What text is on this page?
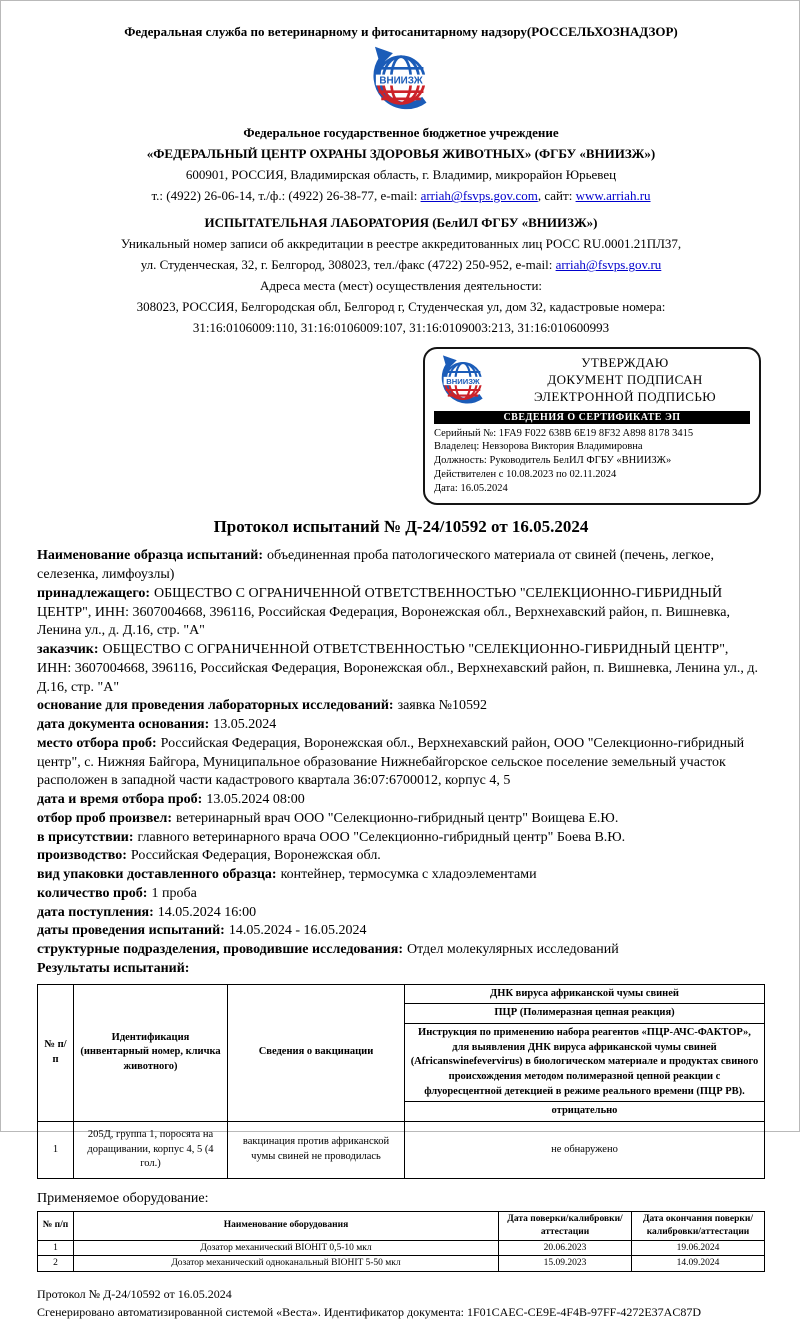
Федеральная служба по ветеринарному и фитосанитарному надзору(РОССЕЛЬХОЗНАДЗОР)
Федеральное государственное бюджетное учреждение
«ФЕДЕРАЛЬНЫЙ ЦЕНТР ОХРАНЫ ЗДОРОВЬЯ ЖИВОТНЫХ» (ФГБУ «ВНИИЗЖ»)
600901, РОССИЯ, Владимирская область, г. Владимир, микрорайон Юрьевец
т.: (4922) 26-06-14, т./ф.: (4922) 26-38-77, e-mail: arriah@fsvps.gov.com, сайт: www.arriah.ru
ИСПЫТАТЕЛЬНАЯ ЛАБОРАТОРИЯ (БелИЛ ФГБУ «ВНИИЗЖ»)
Уникальный номер записи об аккредитации в реестре аккредитованных лиц РОСС RU.0001.21ПЛ37,
ул. Студенческая, 32, г. Белгород, 308023, тел./факс (4722) 250-952, e-mail: arriah@fsvps.gov.ru
Адреса места (мест) осуществления деятельности:
308023, РОССИЯ, Белгородская обл, Белгород г, Студенческая ул, дом 32, кадастровые номера:
31:16:0106009:110, 31:16:0106009:107, 31:16:0109003:213, 31:16:010600993
УТВЕРЖДАЮ
ДОКУМЕНТ ПОДПИСАН
ЭЛЕКТРОННОЙ ПОДПИСЬЮ
СВЕДЕНИЯ О СЕРТИФИКАТЕ ЭП
Серийный №: 1FA9 F022 638B 6E19 8F32 A898 8178 3415
Владелец: Невзорова Виктория Владимировна
Должность: Руководитель БелИЛ ФГБУ «ВНИИЗЖ»
Действителен с 10.08.2023 по 02.11.2024
Дата: 16.05.2024
Протокол испытаний № Д-24/10592 от 16.05.2024

Наименование образца испытаний: объединенная проба патологического материала от свиней (печень, легкое, селезенка, лимфоузлы)

принадлежащего: ОБЩЕСТВО С ОГРАНИЧЕННОЙ ОТВЕТСТВЕННОСТЬЮ "СЕЛЕКЦИОННО-ГИБРИДНЫЙ ЦЕНТР", ИНН: 3607004668, 396116, Российская Федерация, Воронежская обл., Верхнехавский район, п. Вишневка, Ленина ул., д. Д.16, стр. "А"

заказчик: ОБЩЕСТВО С ОГРАНИЧЕННОЙ ОТВЕТСТВЕННОСТЬЮ "СЕЛЕКЦИОННО-ГИБРИДНЫЙ ЦЕНТР", ИНН: 3607004668, 396116, Российская Федерация, Воронежская обл., Верхнехавский район, п. Вишневка, Ленина ул., д. Д.16, стр. "А"

основание для проведения лабораторных исследований: заявка №10592

дата документа основания: 13.05.2024

место отбора проб: Российская Федерация, Воронежская обл., Верхнехавский район, ООО "Селекционно-гибридный центр", с. Нижняя Байгора, Муниципальное образование Нижнебайгорское сельское поселение земельный участок расположен в западной части кадастрового квартала 36:07:6700012, корпус 4, 5

дата и время отбора проб: 13.05.2024 08:00

отбор проб произвел: ветеринарный врач ООО "Селекционно-гибридный центр" Воищева Е.Ю.

в присутствии: главного ветеринарного врача ООО "Селекционно-гибридный центр" Боева В.Ю.

производство: Российская Федерация, Воронежская обл.

вид упаковки доставленного образца: контейнер, термосумка с хладоэлементами

количество проб: 1 проба

дата поступления: 14.05.2024 16:00

даты проведения испытаний: 14.05.2024 - 16.05.2024

структурные подразделения, проводившие исследования: Отдел молекулярных исследований

Результаты испытаний:

№ п/п	Идентификация (инвентарный номер, кличка животного)	Сведения о вакцинации	ДНК вируса африканской чумы свиней
			ПЦР (Полимеразная цепная реакция)
			Инструкция по применению набора реагентов «ПЦР-АЧС-ФАКТОР», для выявления ДНК вируса африканской чумы свиней (Africanswinefevervirus) в биологическом материале и продуктах свиного происхождения методом полимеразной цепной реакции с флуоресцентной детекцией в режиме реального времени (ПЦР РВ).
			отрицательно
1	205Д, группа 1, поросята на доращивании, корпус 4, 5 (4 гол.)	вакцинация против африканской чумы свиней не проводилась	не обнаружено

Применяемое оборудование:

№ п/п	Наименование оборудования	Дата поверки/калибровки/аттестации	Дата окончания поверки/калибровки/аттестации
1	Дозатор механический BIOHIT 0,5-10 мкл	20.06.2023	19.06.2024
2	Дозатор механический одноканальный BIOHIT 5-50 мкл	15.09.2023	14.09.2024

Протокол № Д-24/10592 от 16.05.2024

Сгенерировано автоматизированной системой «Веста». Идентификатор документа: 1F01CAEC-CE9E-4F4B-97FF-4272E37AC87D
